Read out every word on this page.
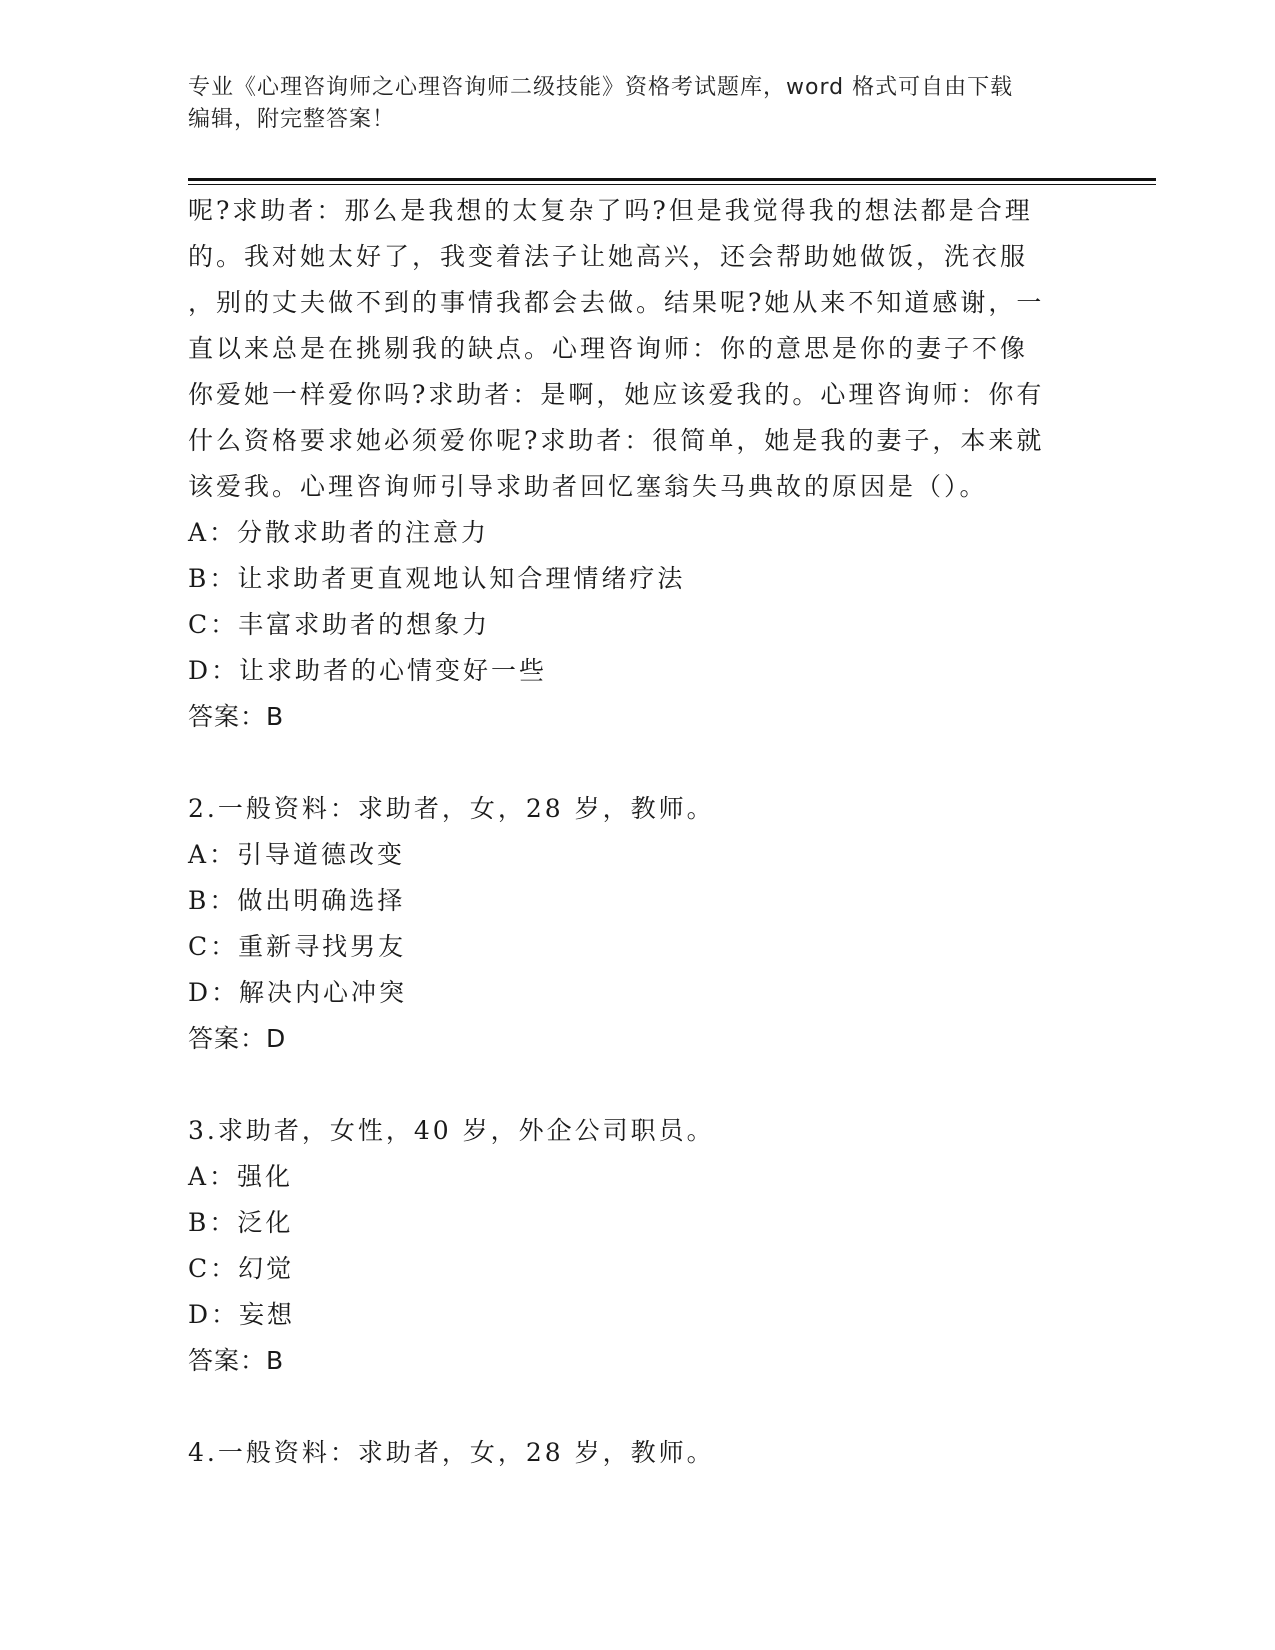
专业《心理咨询师之心理咨询师二级技能》资格考试题库，word 格式可自由下载
编辑，附完整答案！
呢?求助者：那么是我想的太复杂了吗?但是我觉得我的想法都是合理
的。我对她太好了，我变着法子让她高兴，还会帮助她做饭，洗衣服
，别的丈夫做不到的事情我都会去做。结果呢?她从来不知道感谢，一
直以来总是在挑剔我的缺点。心理咨询师：你的意思是你的妻子不像
你爱她一样爱你吗?求助者：是啊，她应该爱我的。心理咨询师：你有
什么资格要求她必须爱你呢?求助者：很简单，她是我的妻子，本来就
该爱我。心理咨询师引导求助者回忆塞翁失马典故的原因是（）。
A：分散求助者的注意力
B：让求助者更直观地认知合理情绪疗法
C：丰富求助者的想象力
D：让求助者的心情变好一些
答案：B
2.一般资料：求助者，女，28 岁，教师。
A：引导道德改变
B：做出明确选择
C：重新寻找男友
D：解决内心冲突
答案：D
3.求助者，女性，40 岁，外企公司职员。
A：强化
B：泛化
C：幻觉
D：妄想
答案：B
4.一般资料：求助者，女，28 岁，教师。
